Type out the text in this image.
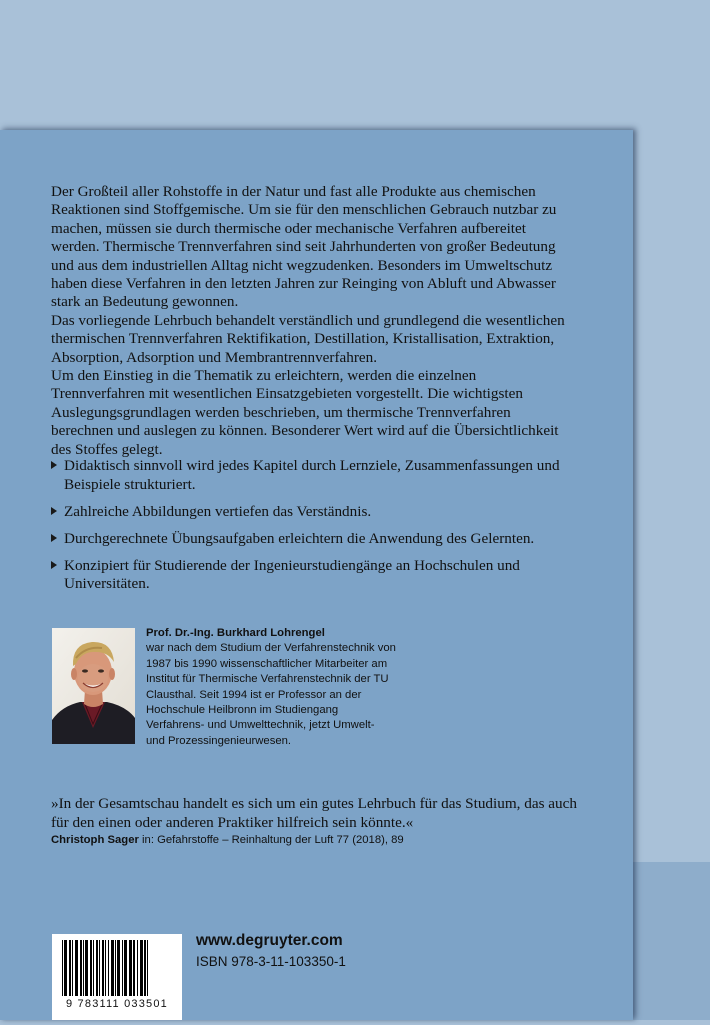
Der Großteil aller Rohstoffe in der Natur und fast alle Produkte aus chemischen Reaktionen sind Stoffgemische. Um sie für den menschlichen Gebrauch nutzbar zu machen, müssen sie durch thermische oder mechanische Verfahren aufbereitet werden. Thermische Trennverfahren sind seit Jahrhunderten von großer Bedeutung und aus dem industriellen Alltag nicht wegzudenken. Besonders im Umweltschutz haben diese Verfahren in den letzten Jahren zur Reinging von Abluft und Abwasser stark an Bedeutung gewonnen.

Das vorliegende Lehrbuch behandelt verständlich und grundlegend die wesentlichen thermischen Trennverfahren Rektifikation, Destillation, Kristallisation, Extraktion, Absorption, Adsorption und Membrantrennverfahren.

Um den Einstieg in die Thematik zu erleichtern, werden die einzelnen Trennverfahren mit wesentlichen Einsatzgebieten vorgestellt. Die wichtigsten Auslegungsgrundlagen werden beschrieben, um thermische Trennverfahren berechnen und auslegen zu können. Besonderer Wert wird auf die Übersichtlichkeit des Stoffes gelegt.

Didaktisch sinnvoll wird jedes Kapitel durch Lernziele, Zusammenfassungen und Beispiele strukturiert.
Zahlreiche Abbildungen vertiefen das Verständnis.
Durchgerechnete Übungsaufgaben erleichtern die Anwendung des Gelernten.
Konzipiert für Studierende der Ingenieurstudiengänge an Hochschulen und Universitäten.
Prof. Dr.-Ing. Burkhard Lohrengel
war nach dem Studium der Verfahrenstechnik von 1987 bis 1990 wissenschaftlicher Mitarbeiter am Institut für Thermische Verfahrenstechnik der TU Clausthal. Seit 1994 ist er Professor an der Hochschule Heilbronn im Studiengang Verfahrens- und Umwelttechnik, jetzt Umwelt- und Prozessingenieurwesen.

»In der Gesamtschau handelt es sich um ein gutes Lehrbuch für das Studium, das auch für den einen oder anderen Praktiker hilfreich sein könnte.«

Christoph Sager in: Gefahrstoffe – Reinhaltung der Luft 77 (2018), 89
9 783111 033501
www.degruyter.com
ISBN 978-3-11-103350-1
